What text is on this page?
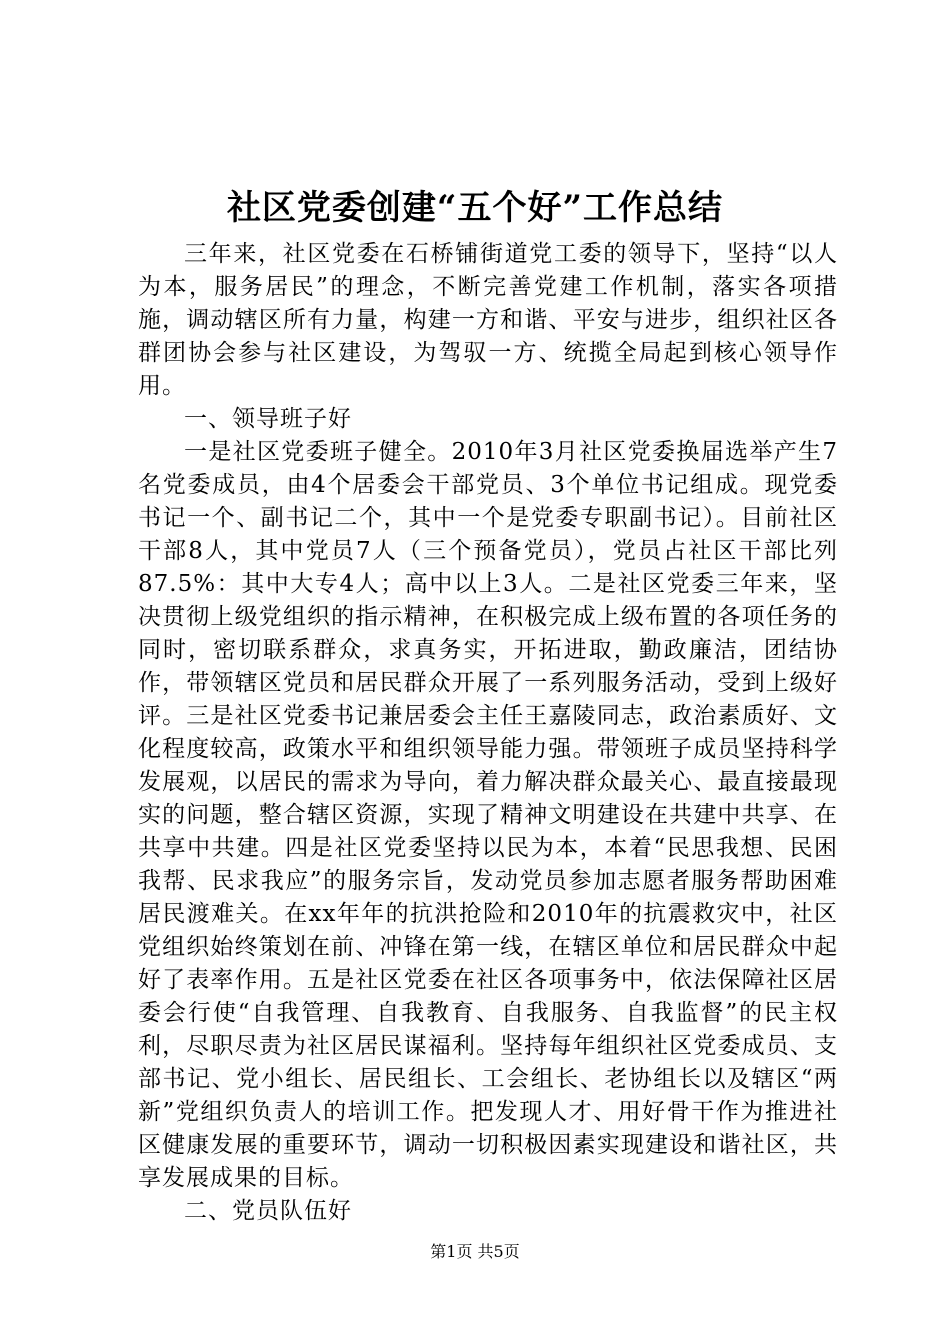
社区党委创建“五个好”工作总结

三年来，社区党委在石桥铺街道党工委的领导下，坚持“以人为本，服务居民”的理念，不断完善党建工作机制，落实各项措施，调动辖区所有力量，构建一方和谐、平安与进步，组织社区各群团协会参与社区建设，为驾驭一方、统揽全局起到核心领导作用。

一、领导班子好

一是社区党委班子健全。2010年3月社区党委换届选举产生7名党委成员，由4个居委会干部党员、3个单位书记组成。现党委书记一个、副书记二个，其中一个是党委专职副书记）。目前社区干部8人，其中党员7人（三个预备党员），党员占社区干部比列87.5%：其中大专4人；高中以上3人。二是社区党委三年来，坚决贯彻上级党组织的指示精神，在积极完成上级布置的各项任务的同时，密切联系群众，求真务实，开拓进取，勤政廉洁，团结协作，带领辖区党员和居民群众开展了一系列服务活动，受到上级好评。三是社区党委书记兼居委会主任王嘉陵同志，政治素质好、文化程度较高，政策水平和组织领导能力强。带领班子成员坚持科学发展观，以居民的需求为导向，着力解决群众最关心、最直接最现实的问题，整合辖区资源，实现了精神文明建设在共建中共享、在共享中共建。四是社区党委坚持以民为本，本着“民思我想、民困我帮、民求我应”的服务宗旨，发动党员参加志愿者服务帮助困难居民渡难关。在xx年年的抗洪抢险和2010年的抗震救灾中，社区党组织始终策划在前、冲锋在第一线，在辖区单位和居民群众中起好了表率作用。五是社区党委在社区各项事务中，依法保障社区居委会行使“自我管理、自我教育、自我服务、自我监督”的民主权利，尽职尽责为社区居民谋福利。坚持每年组织社区党委成员、支部书记、党小组长、居民组长、工会组长、老协组长以及辖区“两新”党组织负责人的培训工作。把发现人才、用好骨干作为推进社区健康发展的重要环节，调动一切积极因素实现建设和谐社区，共享发展成果的目标。

二、党员队伍好

第1页 共5页
